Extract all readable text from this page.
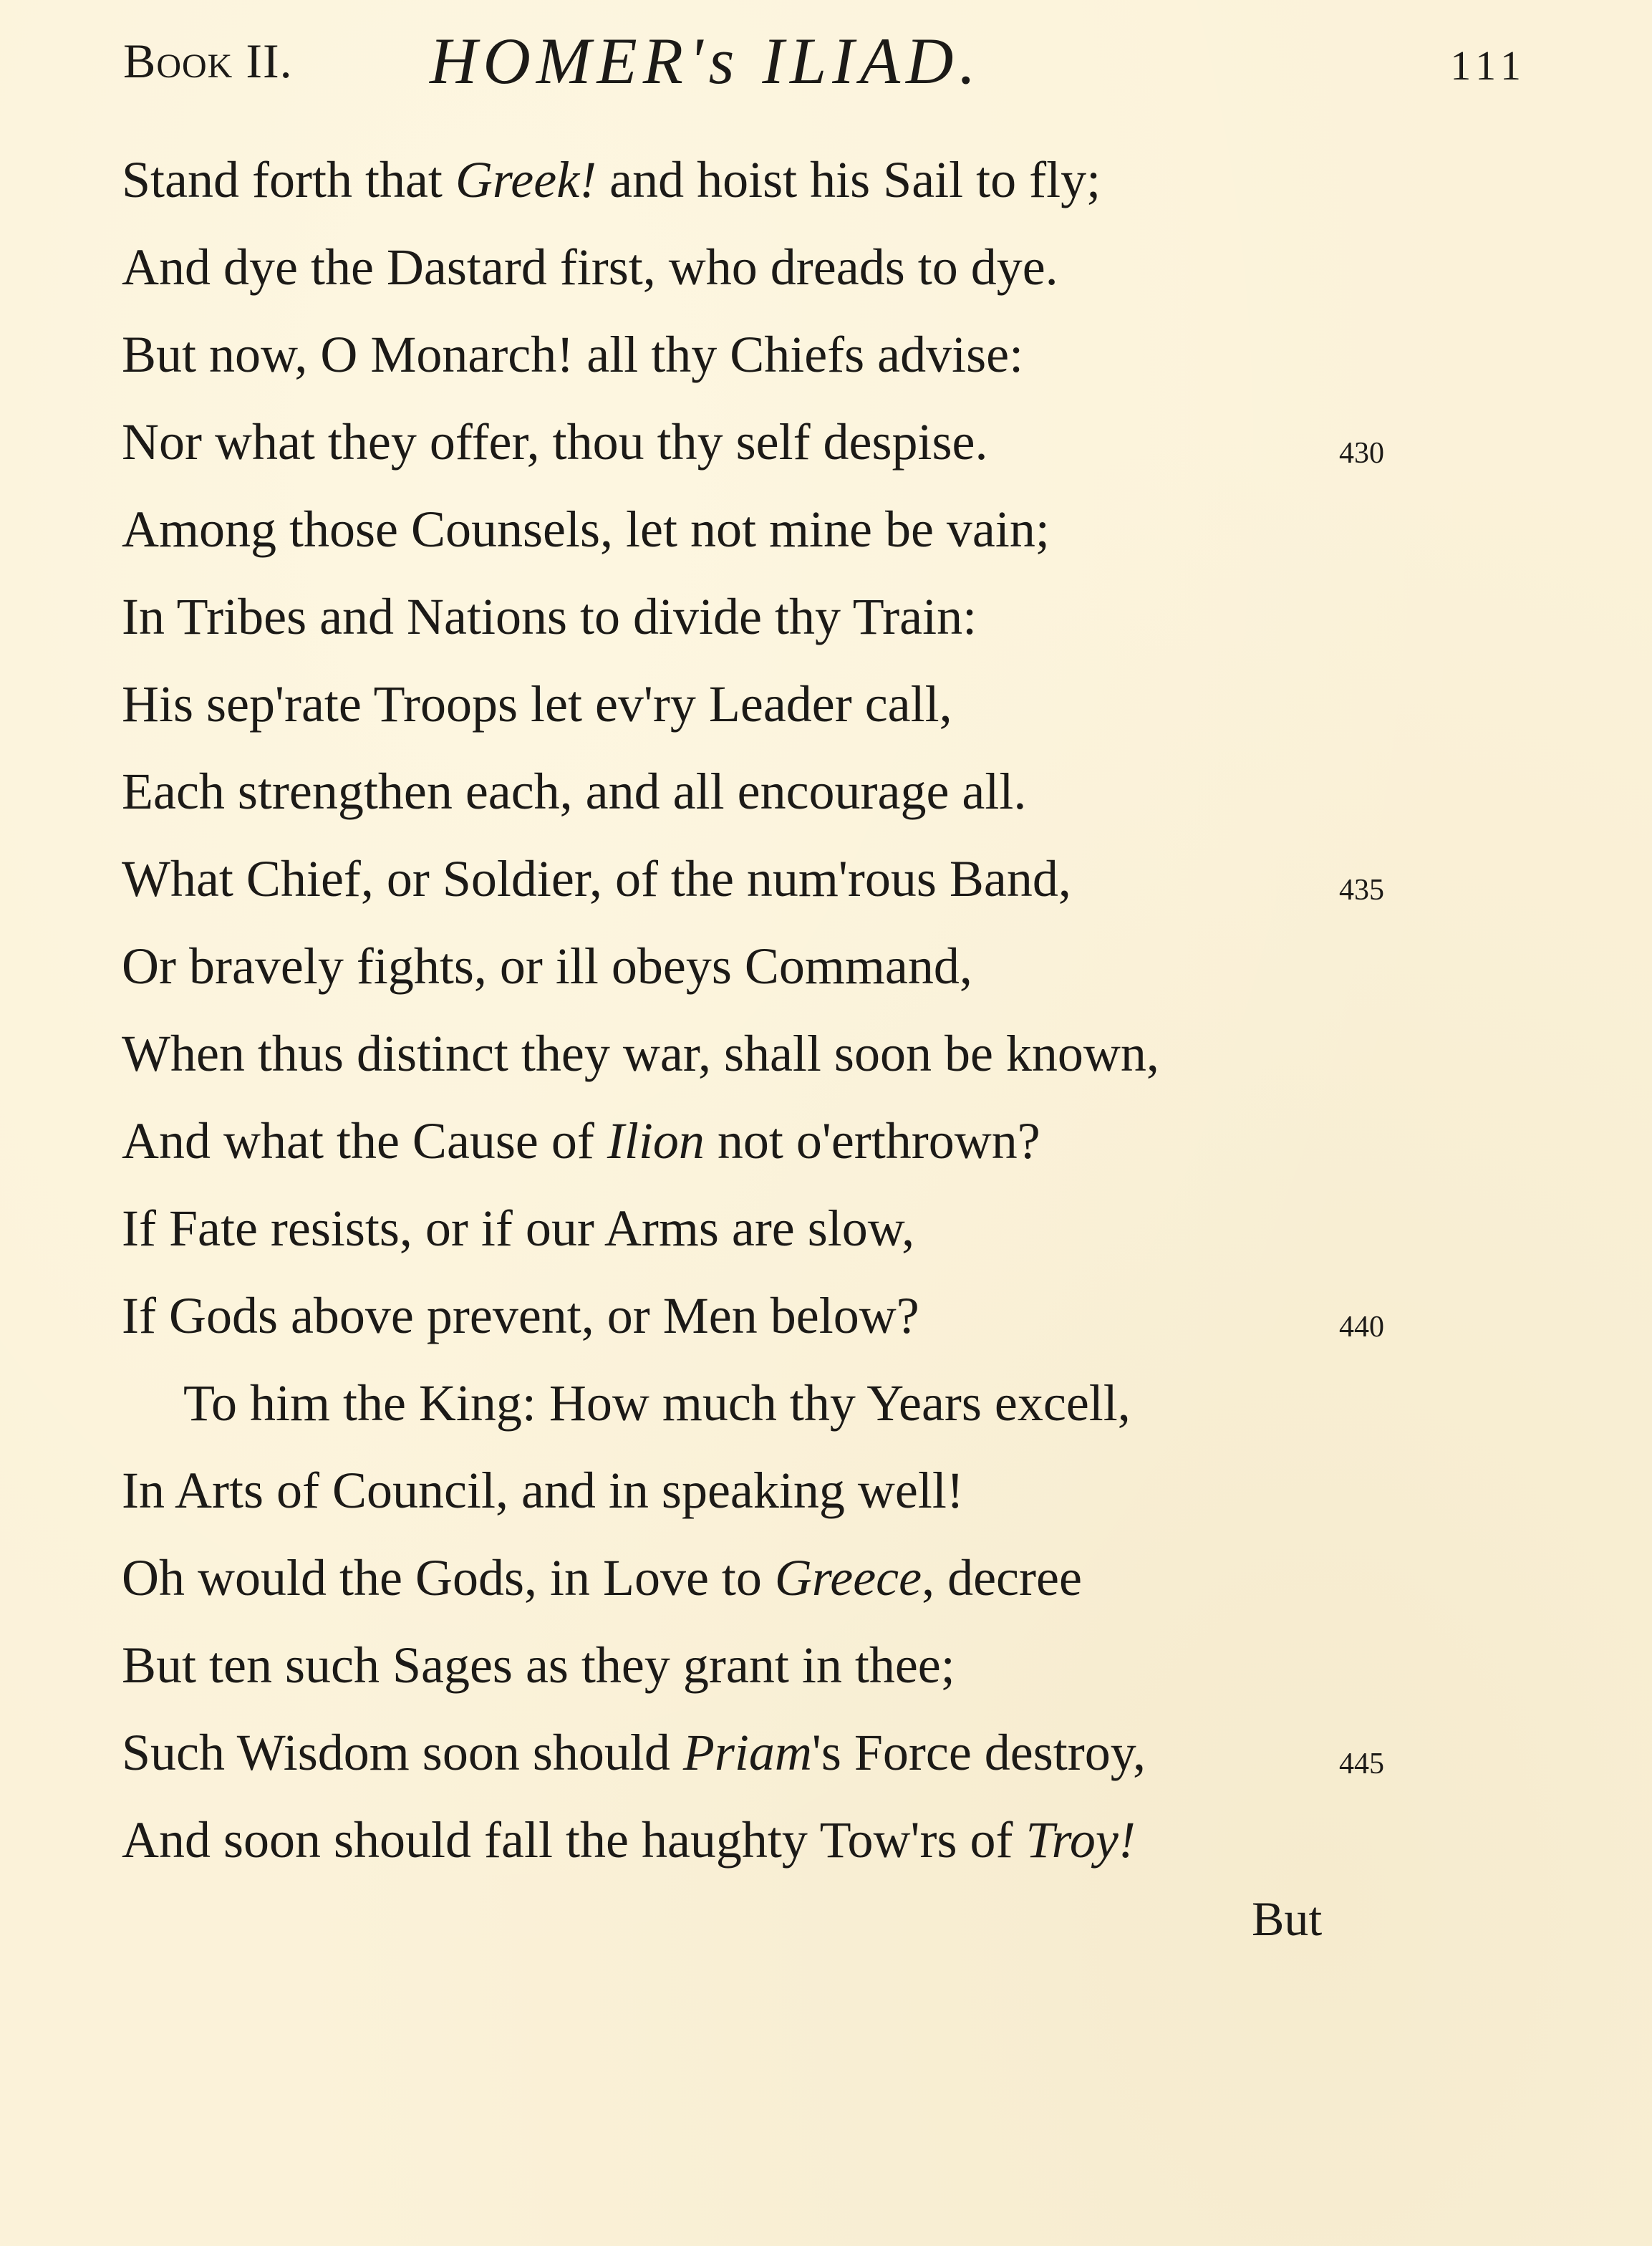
Book II. HOMER's ILIAD.	111
Stand forth that Greek! and hoist his Sail to fly;
And dye the Dastard first, who dreads to dye.
But now, O Monarch! all thy Chiefs advise:
Nor what they offer, thou thy self despise.	430
Among those Counsels, let not mine be vain;
In Tribes and Nations to divide thy Train:
His sep'rate Troops let ev'ry Leader call,
Each strengthen each, and all encourage all.
What Chief, or Soldier, of the num'rous Band,	435
Or bravely fights, or ill obeys Command,
When thus distinct they war, shall soon be known,
And what the Cause of Ilion not o'erthrown?
If Fate resists, or if our Arms are slow,
If Gods above prevent, or Men below?	440
To him the King: How much thy Years excell,
In Arts of Council, and in speaking well!
Oh would the Gods, in Love to Greece, decree
But ten such Sages as they grant in thee;
Such Wisdom soon should Priam's Force destroy,	445
And soon should fall the haughty Tow'rs of Troy!
But
